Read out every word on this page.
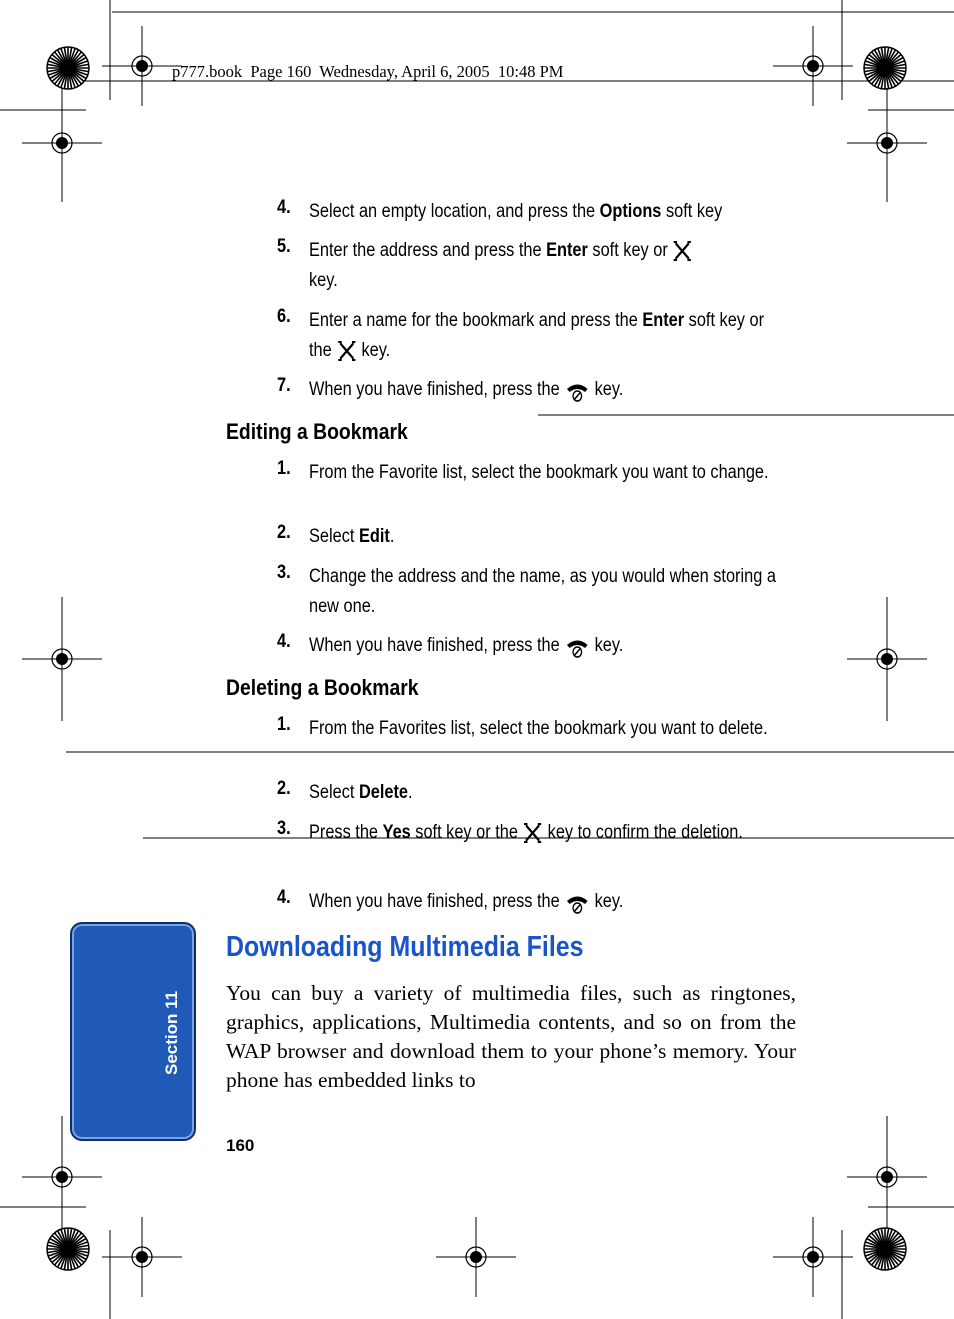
p777.book  Page 160  Wednesday, April 6, 2005  10:48 PM
4. Select an empty location, and press the Options soft key
5. Enter the address and press the Enter soft key or
key.
6. Enter a name for the bookmark and press the Enter soft key or the  key.
7. When you have finished, press the  key.
Editing a Bookmark
1. From the Favorite list, select the bookmark you want to change.
2. Select Edit.
3. Change the address and the name, as you would when storing a new one.
4. When you have finished, press the  key.
Deleting a Bookmark
1. From the Favorites list, select the bookmark you want to delete.
2. Select Delete.
3. Press the Yes soft key or the  key to confirm the deletion.
4. When you have finished, press the  key.
Downloading Multimedia Files
You can buy a variety of multimedia files, such as ringtones, graphics, applications, Multimedia contents, and so on from the WAP browser and download them to your phone’s memory. Your phone has embedded links to
Section 11
160
